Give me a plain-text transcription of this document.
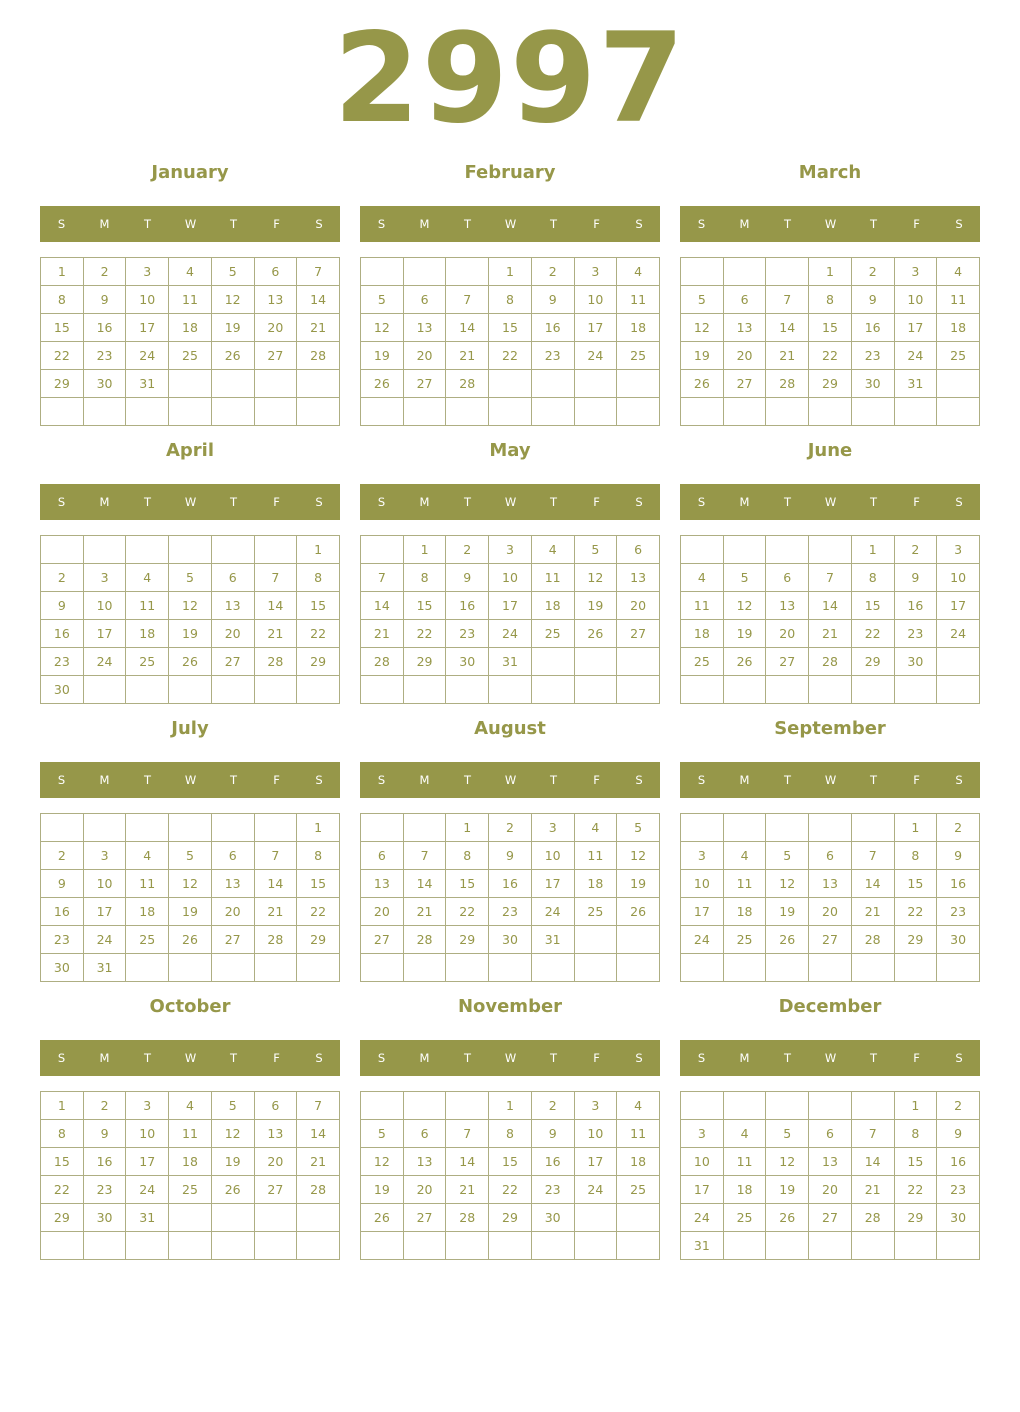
2997
January
S	M	T	W	T	F	S
1	2	3	4	5	6	7
8	9	10	11	12	13	14
15	16	17	18	19	20	21
22	23	24	25	26	27	28
29	30	31				

February
S	M	T	W	T	F	S
			1	2	3	4
5	6	7	8	9	10	11
12	13	14	15	16	17	18
19	20	21	22	23	24	25
26	27	28				

March
S	M	T	W	T	F	S
			1	2	3	4
5	6	7	8	9	10	11
12	13	14	15	16	17	18
19	20	21	22	23	24	25
26	27	28	29	30	31	

April
S	M	T	W	T	F	S
						1
2	3	4	5	6	7	8
9	10	11	12	13	14	15
16	17	18	19	20	21	22
23	24	25	26	27	28	29
30						
May
S	M	T	W	T	F	S
	1	2	3	4	5	6
7	8	9	10	11	12	13
14	15	16	17	18	19	20
21	22	23	24	25	26	27
28	29	30	31			

June
S	M	T	W	T	F	S
				1	2	3
4	5	6	7	8	9	10
11	12	13	14	15	16	17
18	19	20	21	22	23	24
25	26	27	28	29	30	

July
S	M	T	W	T	F	S
						1
2	3	4	5	6	7	8
9	10	11	12	13	14	15
16	17	18	19	20	21	22
23	24	25	26	27	28	29
30	31					
August
S	M	T	W	T	F	S
		1	2	3	4	5
6	7	8	9	10	11	12
13	14	15	16	17	18	19
20	21	22	23	24	25	26
27	28	29	30	31		

September
S	M	T	W	T	F	S
					1	2
3	4	5	6	7	8	9
10	11	12	13	14	15	16
17	18	19	20	21	22	23
24	25	26	27	28	29	30

October
S	M	T	W	T	F	S
1	2	3	4	5	6	7
8	9	10	11	12	13	14
15	16	17	18	19	20	21
22	23	24	25	26	27	28
29	30	31				

November
S	M	T	W	T	F	S
			1	2	3	4
5	6	7	8	9	10	11
12	13	14	15	16	17	18
19	20	21	22	23	24	25
26	27	28	29	30		

December
S	M	T	W	T	F	S
					1	2
3	4	5	6	7	8	9
10	11	12	13	14	15	16
17	18	19	20	21	22	23
24	25	26	27	28	29	30
31						
